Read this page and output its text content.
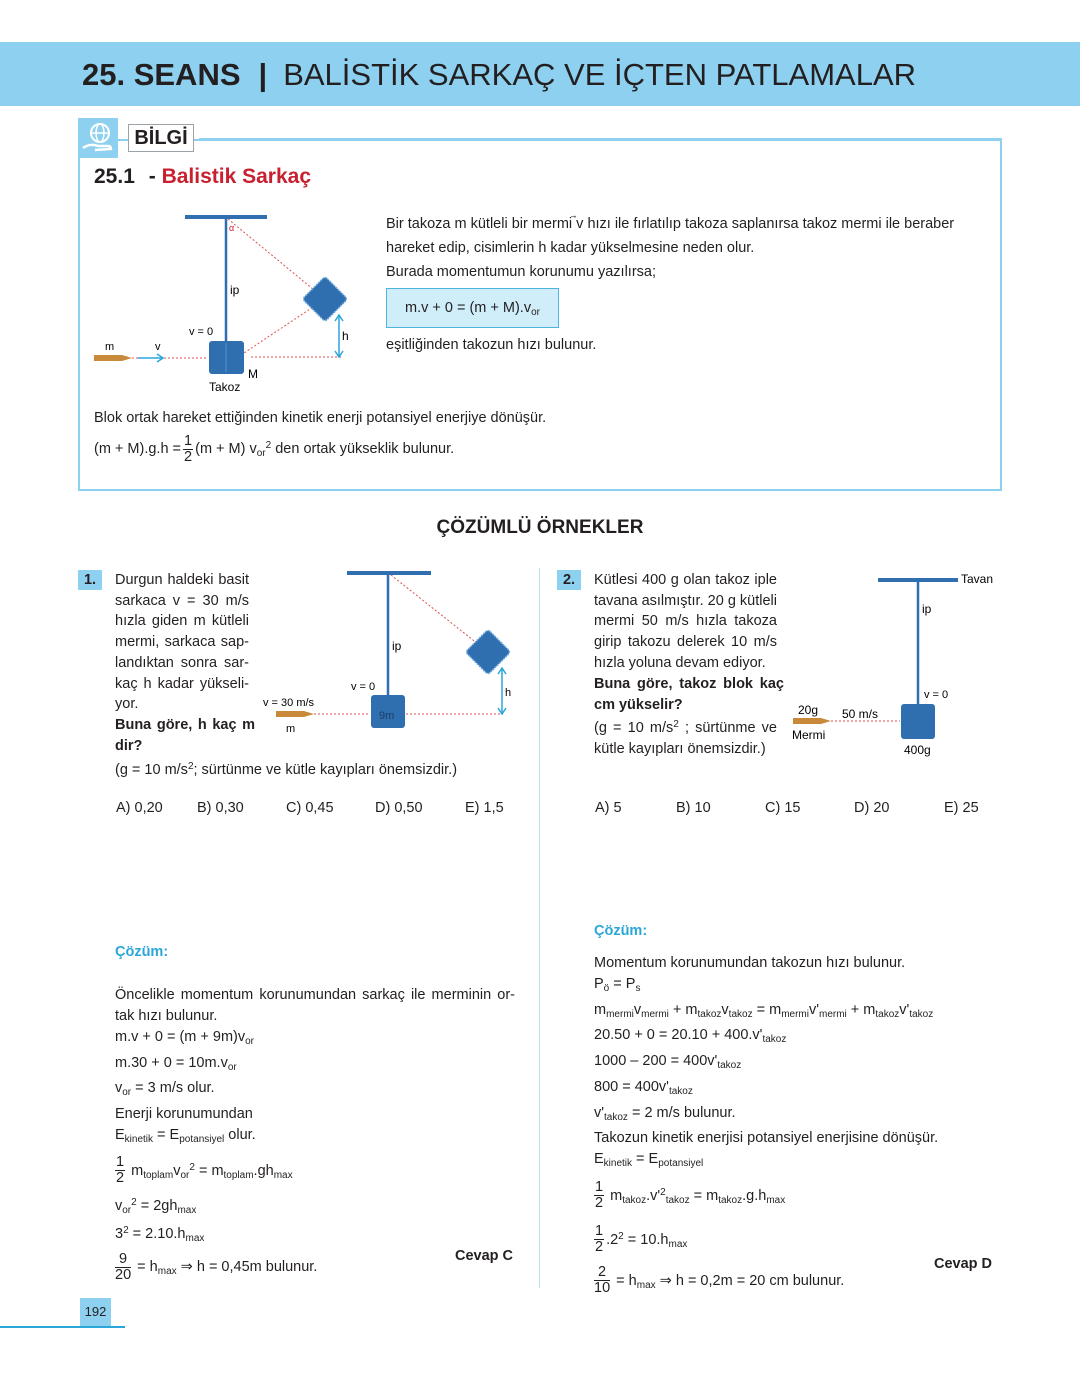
25. SEANS | BALİSTİK SARKAÇ VE İÇTEN PATLAMALAR
BİLGİ
25.1 - Balistik Sarkaç
α
ip
v = 0
m	v
h
M
Takoz
Bir takoza m kütleli bir mermi v hızı ile fırlatılıp takoza saplanırsa takoz mermi ile beraber
hareket edip, cisimlerin h kadar yükselmesine neden olur.
Burada momentumun korunumu yazılırsa;
$m.v + 0 = (m + M).v_{or}$
eşitliğinden takozun hızı bulunur.
Blok ortak hareket ettiğinden kinetik enerji potansiyel enerjiye dönüşür.
$(m + M).g.h = \frac{1}{2} (m + M)$ $v_{or}^2$ den ortak yükseklik bulunur.
ÇÖZÜMLÜ ÖRNEKLER
1.	Durgun haldeki basit sarkaca v = 30 m/s hızla giden m kütleli mermi, sarkaca sap- landıktan sonra sar- kaç h kadar yükseli- yor.
Buna göre, h kaç m dir?
(g = 10 $m/s^2$; sürtünme ve kütle kayıpları önemsizdir.)
ip
v = 0
v = 30 m/s
m
9m
h
A) 0,20 B) 0,30	C) 0,45	D) 0,50	E) 1,5
Çözüm:
Öncelikle momentum korunumundan sarkaç ile merminin or- tak hızı bulunur.
$m.v + 0 = (m + 9m)v_{or}$
$m.30 + 0 = 10m.v_{or}$
$v_{or} = 3$ m/s olur.
Enerji korunumundan
$E_{kinetik} = E_{potansiyel}$ olur.
$\frac{1}{2} m_{toplam}v_{or}^2 = m_{toplam}.gh_{max}$
$v_{or}^2 = 2gh_{max}$
$3^2 = 2.10.h_{max}$
$\frac{9}{20} = h_{max}$ ⇒ h = 0,45m bulunur.
Cevap C
2.	Kütlesi 400 g olan takoz iple tavana asılmıştır. 20 g kütleli mermi 50 m/s hızla takoza girip takozu delerek 10 m/s hızla yoluna devam ediyor.
Buna göre, takoz blok kaç cm yükselir?
(g = 10 $m/s^2$ ; sürtünme ve kütle kayıpları önemsizdir.)
Tavan
ip
v = 0
20g
Mermi
50 m/s
400g
A) 5	B) 10	C) 15	D) 20	E) 25
Çözüm:
Momentum korunumundan takozun hızı bulunur.
$P_ö = P_s$
$m_{mermi}v_{mermi} + m_{takoz}v_{takoz} = m_{mermi}v'_{mermi} + m_{takoz}v'_{takoz}$
$20.50 + 0 = 20.10 + 400.v'_{takoz}$
$1000 - 200 = 400v'_{takoz}$
$800 = 400v'_{takoz}$
$v'_{takoz} = 2$ m/s bulunur.
Takozun kinetik enerjisi potansiyel enerjisine dönüşür.
$E_{kinetik} = E_{potansiyel}$
$\frac{1}{2} m_{takoz}.v'^2_{takoz} = m_{takoz}.g.h_{max}$
$\frac{1}{2} .2^2 = 10.h_{max}$
$\frac{2}{10} = h_{max}$ ⇒ h = 0,2m = 20 cm bulunur.
Cevap D
192
